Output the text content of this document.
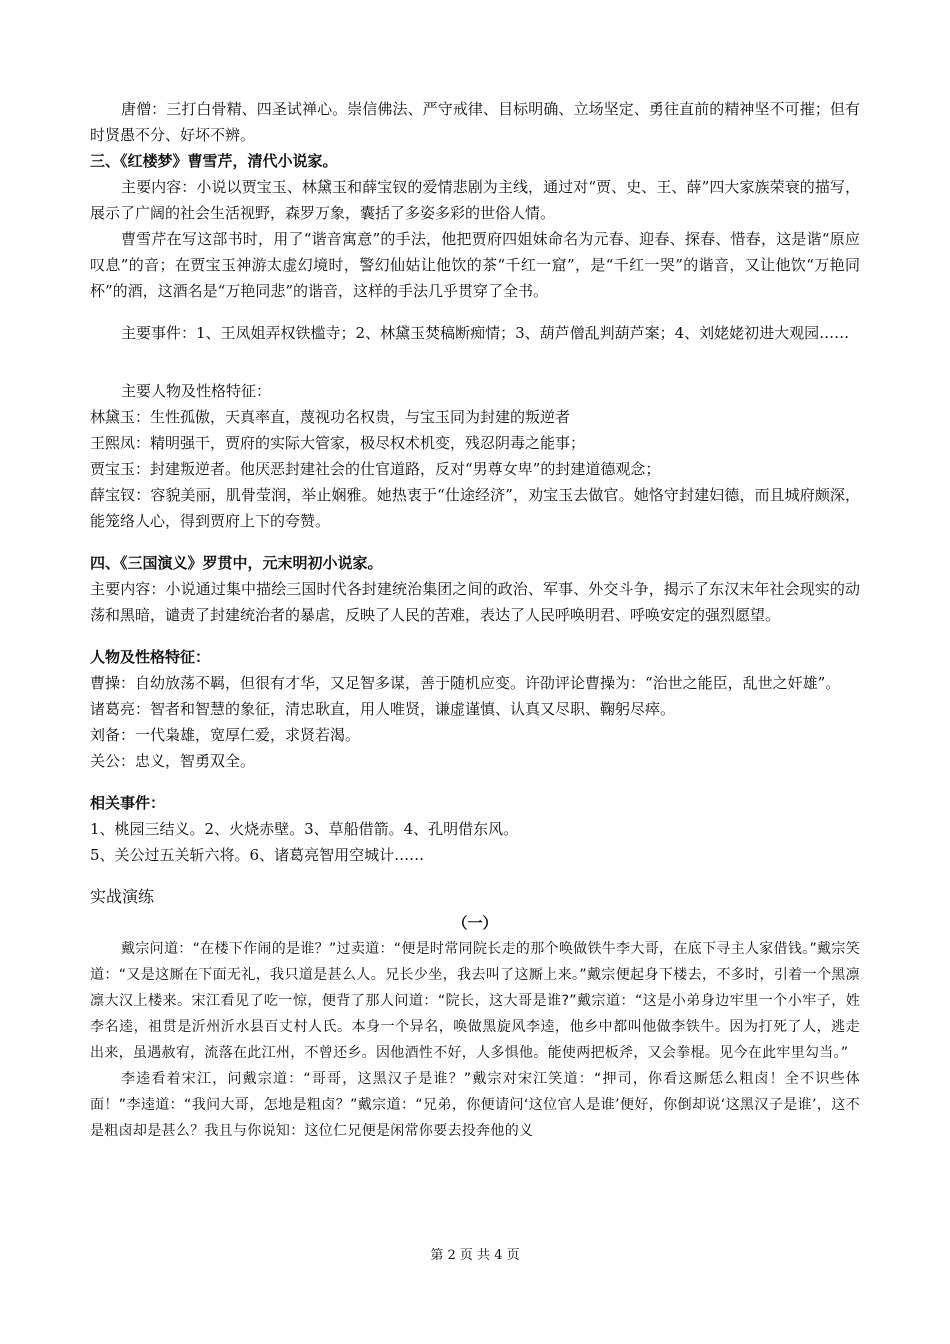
唐僧：三打白骨精、四圣试禅心。崇信佛法、严守戒律、目标明确、立场坚定、勇往直前的精神坚不可摧；但有时贤愚不分、好坏不辨。

三、《红楼梦》曹雪芹，清代小说家。

主要内容：小说以贾宝玉、林黛玉和薛宝钗的爱情悲剧为主线，通过对“贾、史、王、薛”四大家族荣衰的描写，展示了广阔的社会生活视野，森罗万象，囊括了多姿多彩的世俗人情。

曹雪芹在写这部书时，用了“谐音寓意”的手法，他把贾府四姐妹命名为元春、迎春、探春、惜春，这是谐“原应叹息”的音；在贾宝玉神游太虚幻境时，警幻仙姑让他饮的茶“千红一窟”，是“千红一哭”的谐音，又让他饮“万艳同杯”的酒，这酒名是“万艳同悲”的谐音，这样的手法几乎贯穿了全书。

主要事件：1、王凤姐弄权铁槛寺；2、林黛玉焚稿断痴情；3、葫芦僧乱判葫芦案；4、刘姥姥初进大观园……

主要人物及性格特征：

林黛玉：生性孤傲，天真率直，蔑视功名权贵，与宝玉同为封建的叛逆者

王熙凤：精明强干，贾府的实际大管家，极尽权术机变，残忍阴毒之能事；

贾宝玉：封建叛逆者。他厌恶封建社会的仕官道路，反对“男尊女卑”的封建道德观念；

薛宝钗：容貌美丽，肌骨莹润，举止娴雅。她热衷于“仕途经济”，劝宝玉去做官。她恪守封建妇德，而且城府颇深，能笼络人心，得到贾府上下的夸赞。

四、《三国演义》罗贯中，元末明初小说家。

主要内容：小说通过集中描绘三国时代各封建统治集团之间的政治、军事、外交斗争，揭示了东汉末年社会现实的动荡和黑暗，谴责了封建统治者的暴虐，反映了人民的苦难，表达了人民呼唤明君、呼唤安定的强烈愿望。

人物及性格特征：

曹操：自幼放荡不羁，但很有才华，又足智多谋，善于随机应变。许劭评论曹操为：“治世之能臣，乱世之奸雄”。

诸葛亮：智者和智慧的象征，清忠耿直，用人唯贤，谦虚谨慎、认真又尽职、鞠躬尽瘁。

刘备：一代枭雄，宽厚仁爱，求贤若渴。

关公：忠义，智勇双全。

相关事件：

1、桃园三结义。2、火烧赤壁。3、草船借箭。4、孔明借东风。

5、关公过五关斩六将。6、诸葛亮智用空城计……

实战演练

（一）

戴宗问道：“在楼下作闹的是谁？”过卖道：“便是时常同院长走的那个唤做铁牛李大哥，在底下寻主人家借钱。”戴宗笑道：“又是这厮在下面无礼，我只道是甚么人。兄长少坐，我去叫了这厮上来。”戴宗便起身下楼去，不多时，引着一个黑凛凛大汉上楼来。宋江看见了吃一惊，便背了那人问道：“院长，这大哥是谁?”戴宗道：“这是小弟身边牢里一个小牢子，姓李名逵，祖贯是沂州沂水县百丈村人氏。本身一个异名，唤做黑旋风李逵，他乡中都叫他做李铁牛。因为打死了人，逃走出来，虽遇赦宥，流落在此江州，不曾还乡。因他酒性不好，人多惧他。能使两把板斧，又会拳棍。见今在此牢里勾当。”

李逵看着宋江，问戴宗道：“哥哥，这黑汉子是谁？”戴宗对宋江笑道：“押司，你看这厮恁么粗卤！全不识些体面！”李逵道：“我问大哥，怎地是粗卤？”戴宗道：“兄弟，你便请问‘这位官人是谁’便好，你倒却说‘这黑汉子是谁’，这不是粗卤却是甚么？我且与你说知：这位仁兄便是闲常你要去投奔他的义

第 2 页 共 4 页
